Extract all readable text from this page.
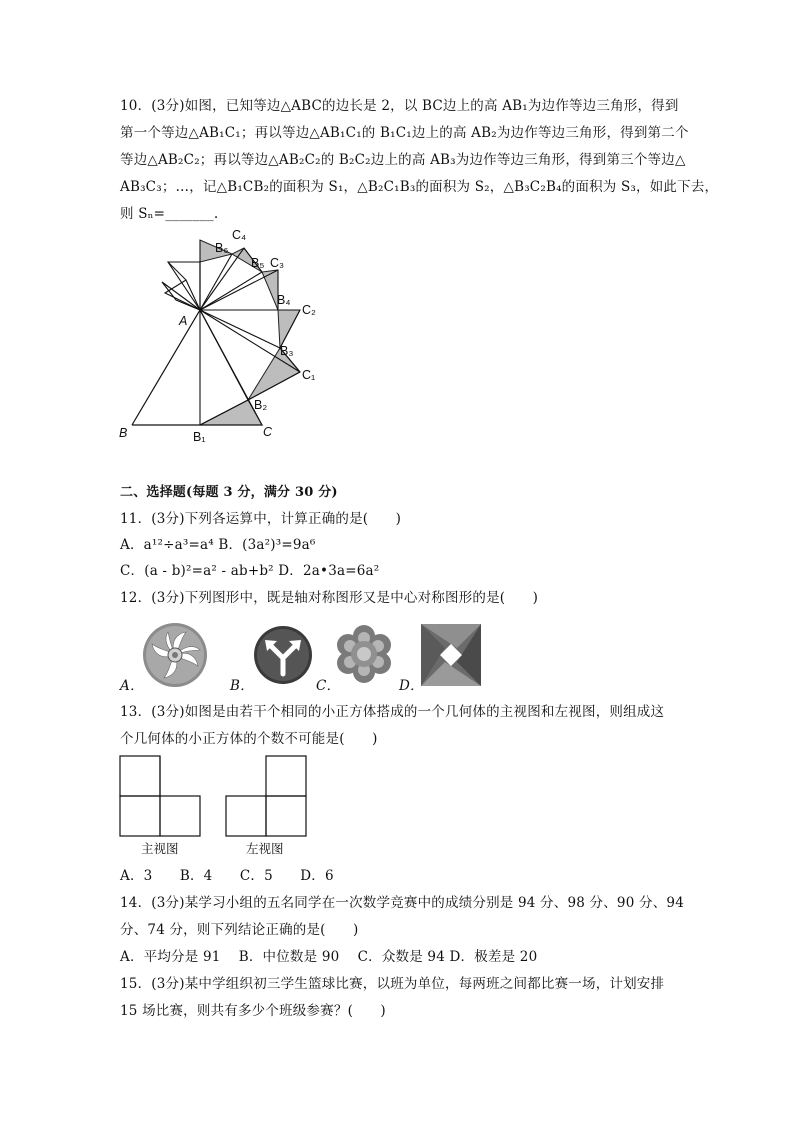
10．(3分)如图，已知等边△ABC的边长是 2，以 BC边上的高 AB₁为边作等边三角形，得到
第一个等边△AB₁C₁；再以等边△AB₁C₁的 B₁C₁边上的高 AB₂为边作等边三角形，得到第二个
等边△AB₂C₂；再以等边△AB₂C₂的 B₂C₂边上的高 AB₃为边作等边三角形，得到第三个等边△
AB₃C₃；…，记△B₁CB₂的面积为 S₁，△B₂C₁B₃的面积为 S₂，△B₃C₂B₄的面积为 S₃，如此下去，
则 Sₙ=_______.
A
B	B₁	C
B₂
C₁
B₃
C₂
B₄
C₃
B₅
C₄
B₆
二、选择题(每题 3 分，满分 30 分)
11．(3分)下列各运算中，计算正确的是(　　)
A．a¹²÷a³=a⁴ B．(3a²)³=9a⁶
C．(a - b)²=a² - ab+b² D．2a•3a=6a²
12．(3分)下列图形中，既是轴对称图形又是中心对称图形的是(　　)
A．	B．	C．	D．
13．(3分)如图是由若干个相同的小正方体搭成的一个几何体的主视图和左视图，则组成这
个几何体的小正方体的个数不可能是(　　)
主视图	左视图
A．3　　B．4　　C．5　　D．6
14．(3分)某学习小组的五名同学在一次数学竞赛中的成绩分别是 94 分、98 分、90 分、94
分、74 分，则下列结论正确的是(　　)
A．平均分是 91　 B．中位数是 90　 C．众数是 94 D．极差是 20
15．(3分)某中学组织初三学生篮球比赛，以班为单位，每两班之间都比赛一场，计划安排
15 场比赛，则共有多少个班级参赛？(　　)
